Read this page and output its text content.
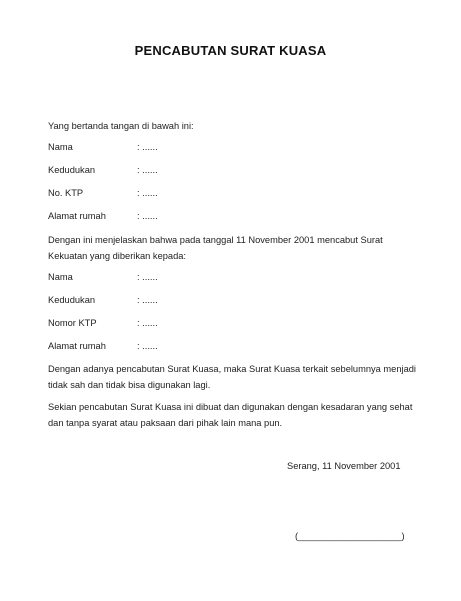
PENCABUTAN SURAT KUASA
Yang bertanda tangan di bawah ini:
Nama	: ......
Kedudukan	: ......
No. KTP	: ......
Alamat rumah	: ......
Dengan ini menjelaskan bahwa pada tanggal 11 November 2001 mencabut Surat Kekuatan yang diberikan kepada:
Nama	: ......
Kedudukan	: ......
Nomor KTP	: ......
Alamat rumah	: ......
Dengan adanya pencabutan Surat Kuasa, maka Surat Kuasa terkait sebelumnya menjadi tidak sah dan tidak bisa digunakan lagi.
Sekian pencabutan Surat Kuasa ini dibuat dan digunakan dengan kesadaran yang sehat dan tanpa syarat atau paksaan dari pihak lain mana pun.
Serang, 11 November 2001
(____________________)
